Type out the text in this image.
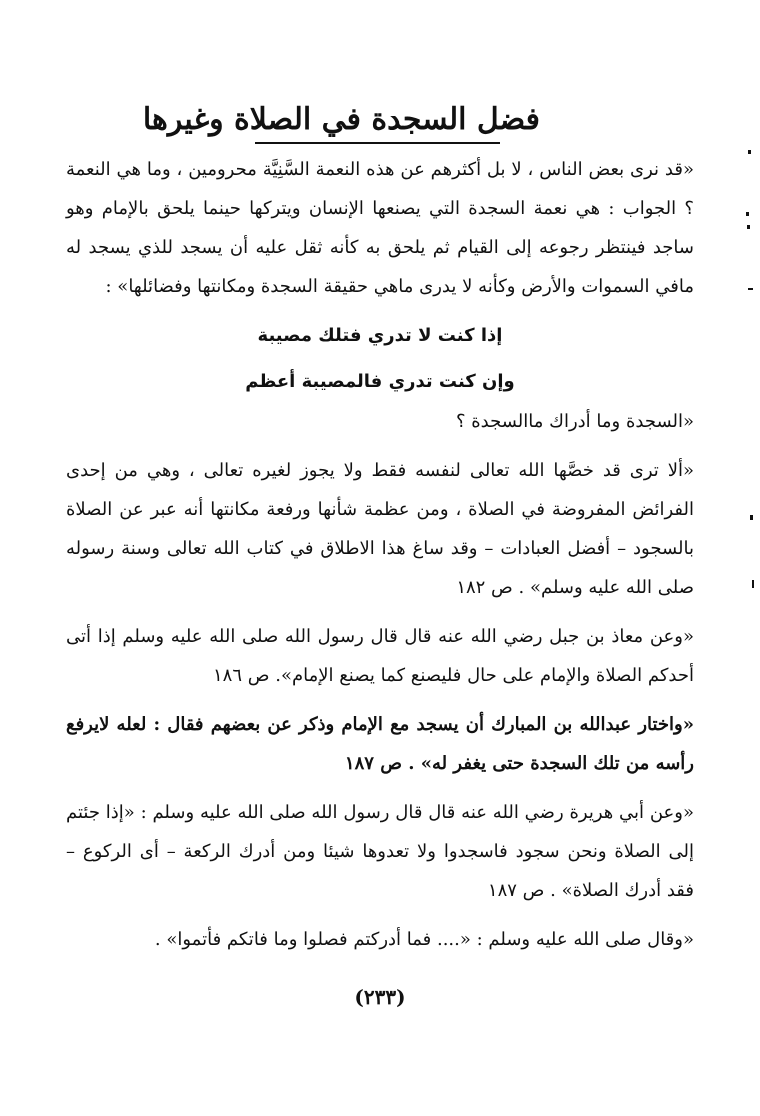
فضل السجدة في الصلاة وغيرها

«قد نرى بعض الناس ، لا بل أكثرهم عن هذه النعمة السَّنِيَّة محرومين ، وما هي النعمة ؟ الجواب : هي نعمة السجدة التي يصنعها الإنسان ويتركها حينما يلحق بالإمام وهو ساجد فينتظر رجوعه إلى القيام ثم يلحق به كأنه ثقل عليه أن يسجد للذي يسجد له مافي السموات والأرض وكأنه لا يدرى ماهي حقيقة السجدة ومكانتها وفضائلها» :

إذا كنت لا تدري فتلك مصيبة

وإن كنت تدري فالمصيبة أعظم

«السجدة وما أدراك ماالسجدة ؟

«ألا ترى قد خصَّها الله تعالى لنفسه فقط ولا يجوز لغيره تعالى ، وهي من إحدى الفرائض المفروضة في الصلاة ، ومن عظمة شأنها ورفعة مكانتها أنه عبر عن الصلاة بالسجود – أفضل العبادات – وقد ساغ هذا الاطلاق في كتاب الله تعالى وسنة رسوله صلى الله عليه وسلم» . ص ١٨٢

«وعن معاذ بن جبل رضي الله عنه قال قال رسول الله صلى الله عليه وسلم إذا أتى أحدكم الصلاة والإمام على حال فليصنع كما يصنع الإمام». ص ١٨٦

«واختار عبدالله بن المبارك أن يسجد مع الإمام وذكر عن بعضهم فقال : لعله لايرفع رأسه من تلك السجدة حتى يغفر له» . ص ١٨٧

«وعن أبي هريرة رضي الله عنه قال قال رسول الله صلى الله عليه وسلم : «إذا جئتم إلى الصلاة ونحن سجود فاسجدوا ولا تعدوها شيئا ومن أدرك الركعة – أى الركوع – فقد أدرك الصلاة» . ص ١٨٧

«وقال صلى الله عليه وسلم : «.... فما أدركتم فصلوا وما فاتكم فأتموا» .

(٢٣٣)
